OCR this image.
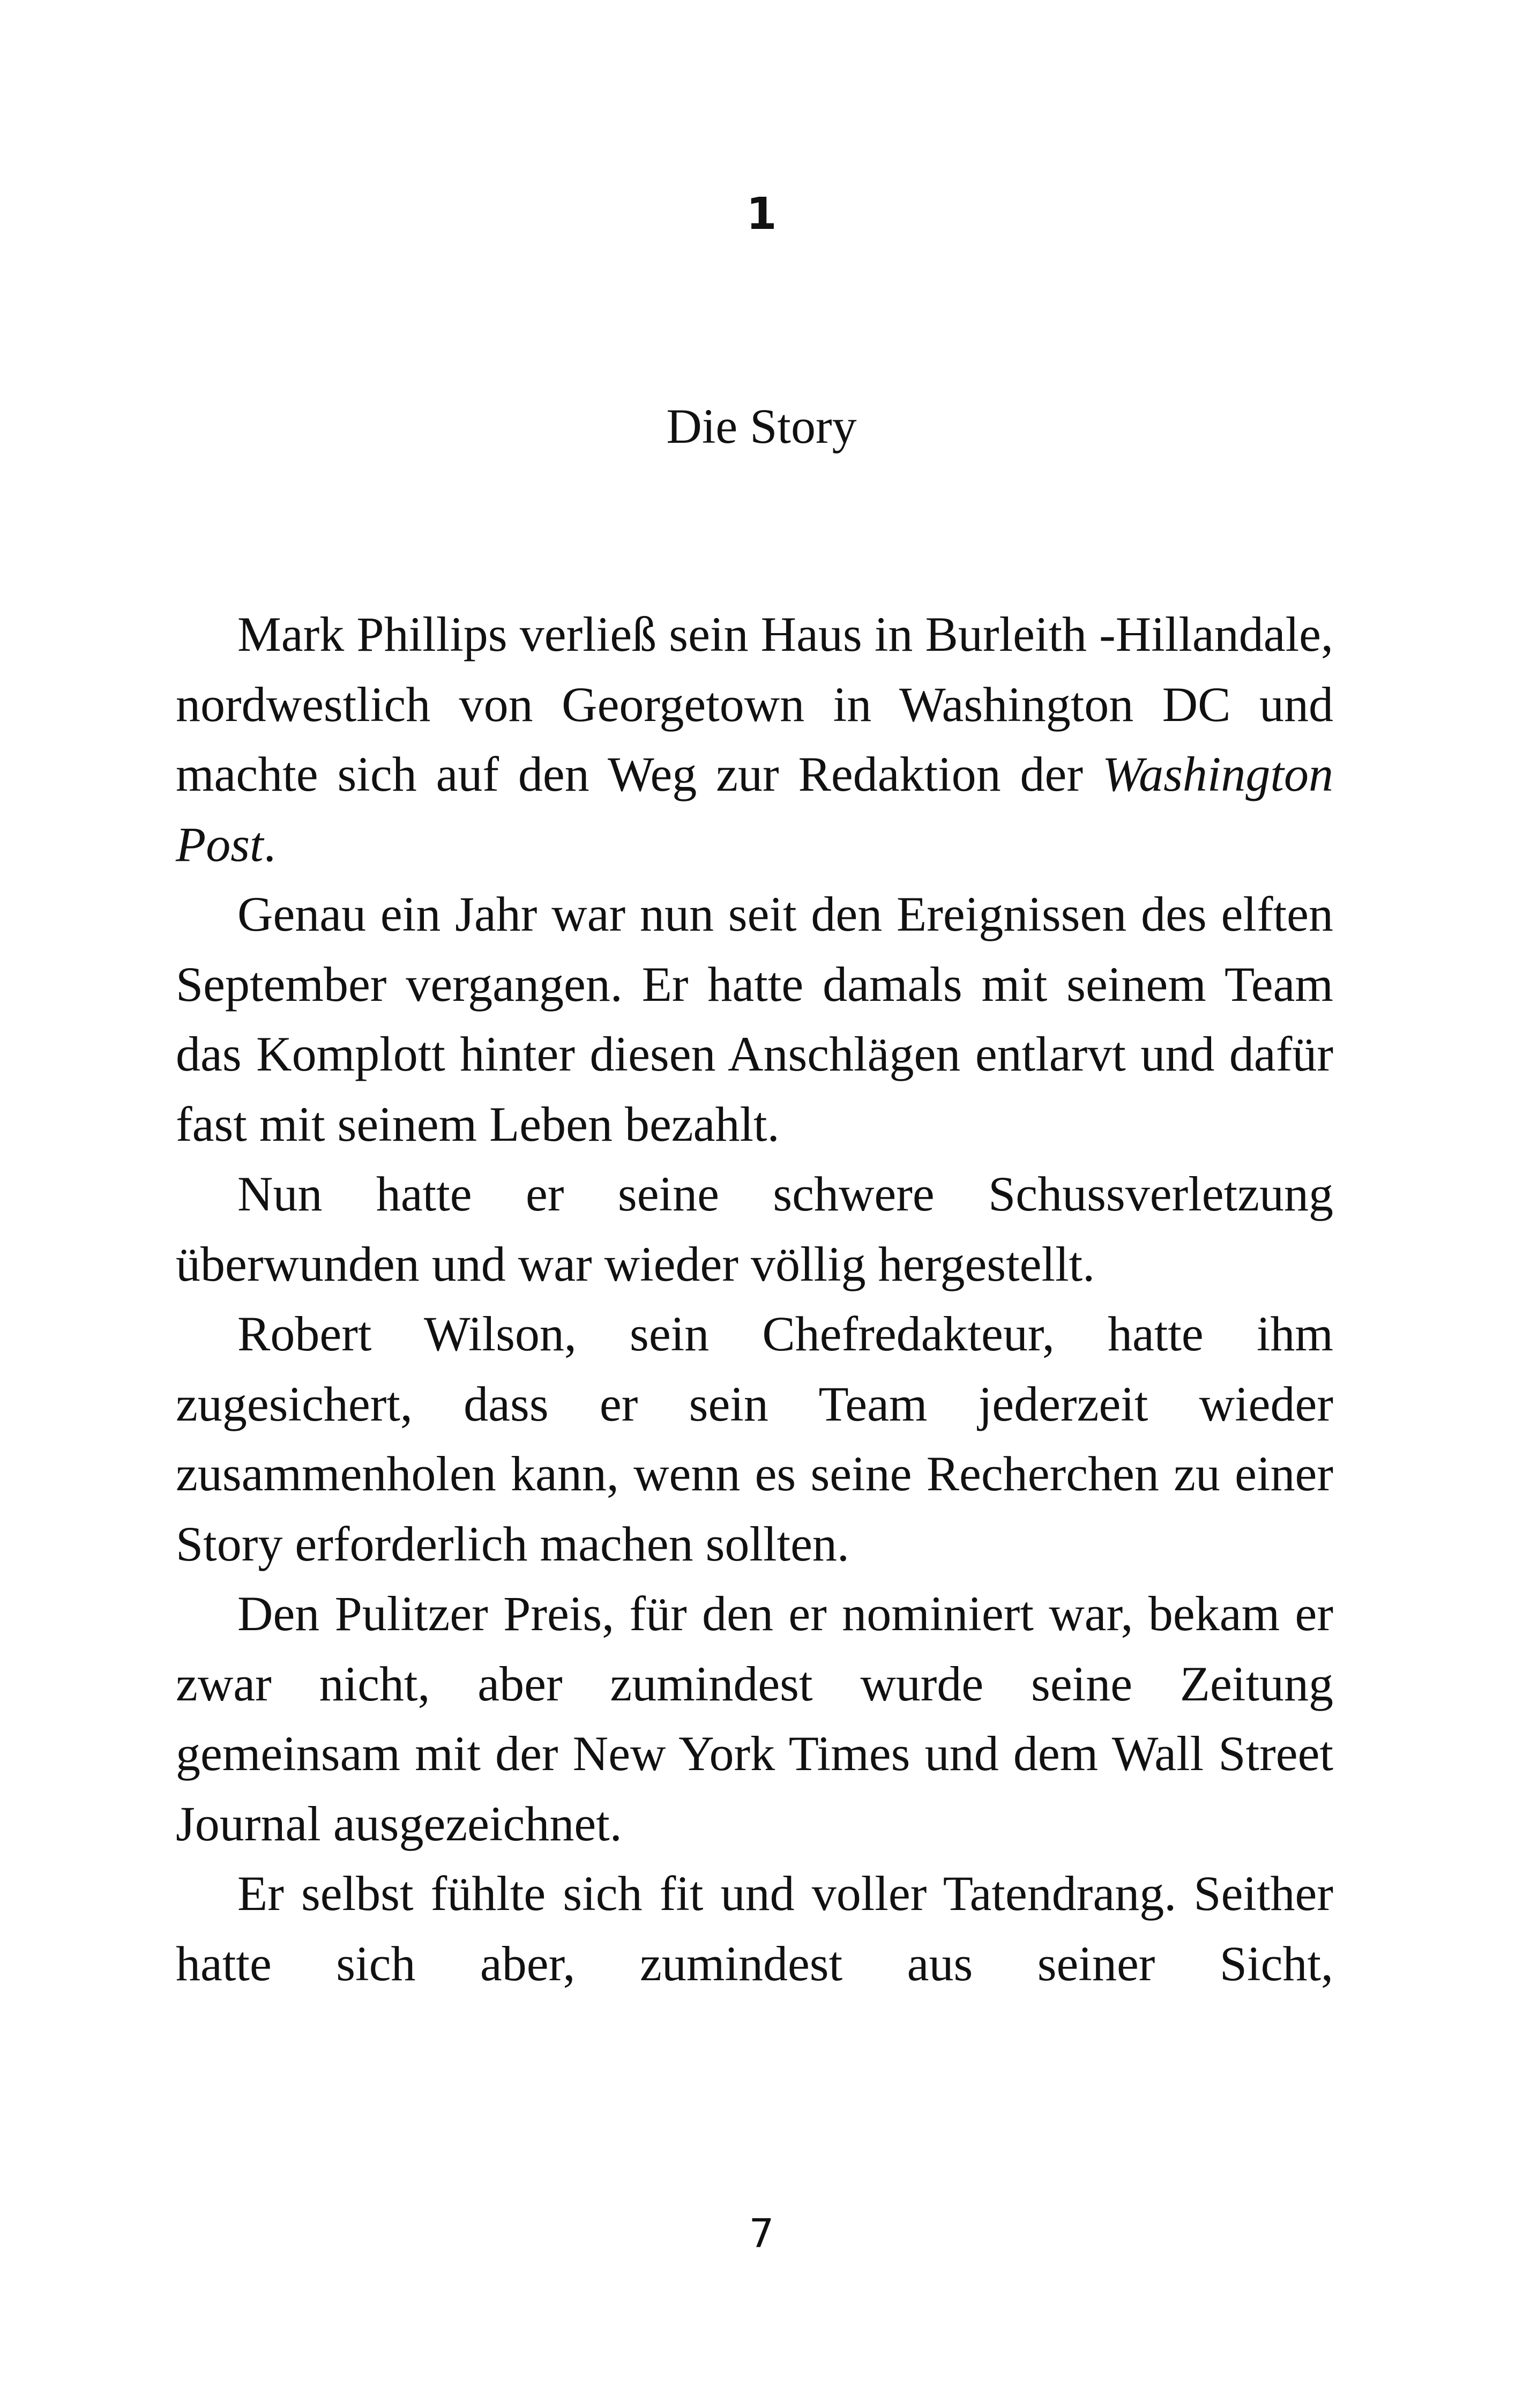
1
Die Story

Mark Phillips verließ sein Haus in Burleith -Hillandale, nordwestlich von Georgetown in Washington DC und machte sich auf den Weg zur Redaktion der Washington Post.

Genau ein Jahr war nun seit den Ereignissen des elften September vergangen. Er hatte damals mit seinem Team das Komplott hinter diesen Anschlägen entlarvt und dafür fast mit seinem Leben bezahlt.

Nun hatte er seine schwere Schussverletzung überwunden und war wieder völlig hergestellt.

Robert Wilson, sein Chefredakteur, hatte ihm zugesichert, dass er sein Team jederzeit wieder zusammenholen kann, wenn es seine Recherchen zu einer Story erforderlich machen sollten.

Den Pulitzer Preis, für den er nominiert war, bekam er zwar nicht, aber zumindest wurde seine Zeitung gemeinsam mit der New York Times und dem Wall Street Journal ausgezeichnet.

Er selbst fühlte sich fit und voller Tatendrang. Seither hatte sich aber, zumindest aus seiner Sicht,

7
